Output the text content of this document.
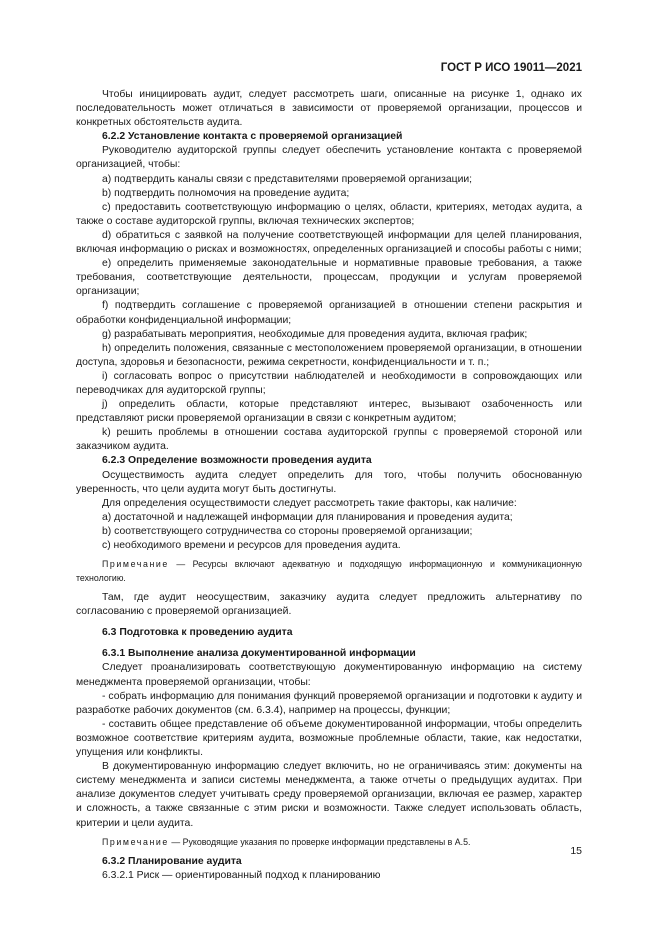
ГОСТ Р ИСО 19011—2021

Чтобы инициировать аудит, следует рассмотреть шаги, описанные на рисунке 1, однако их последовательность может отличаться в зависимости от проверяемой организации, процессов и конкретных обстоятельств аудита.

6.2.2 Установление контакта с проверяемой организацией

Руководителю аудиторской группы следует обеспечить установление контакта с проверяемой организацией, чтобы:

a) подтвердить каналы связи с представителями проверяемой организации;

b) подтвердить полномочия на проведение аудита;

c) предоставить соответствующую информацию о целях, области, критериях, методах аудита, а также о составе аудиторской группы, включая технических экспертов;

d) обратиться с заявкой на получение соответствующей информации для целей планирования, включая информацию о рисках и возможностях, определенных организацией и способы работы с ними;

e) определить применяемые законодательные и нормативные правовые требования, а также требования, соответствующие деятельности, процессам, продукции и услугам проверяемой организации;

f) подтвердить соглашение с проверяемой организацией в отношении степени раскрытия и обработки конфиденциальной информации;

g) разрабатывать мероприятия, необходимые для проведения аудита, включая график;

h) определить положения, связанные с местоположением проверяемой организации, в отношении доступа, здоровья и безопасности, режима секретности, конфиденциальности и т. п.;

i) согласовать вопрос о присутствии наблюдателей и необходимости в сопровождающих или переводчиках для аудиторской группы;

j) определить области, которые представляют интерес, вызывают озабоченность или представляют риски проверяемой организации в связи с конкретным аудитом;

k) решить проблемы в отношении состава аудиторской группы с проверяемой стороной или заказчиком аудита.

6.2.3 Определение возможности проведения аудита

Осуществимость аудита следует определить для того, чтобы получить обоснованную уверенность, что цели аудита могут быть достигнуты.

Для определения осуществимости следует рассмотреть такие факторы, как наличие:

a) достаточной и надлежащей информации для планирования и проведения аудита;

b) соответствующего сотрудничества со стороны проверяемой организации;

c) необходимого времени и ресурсов для проведения аудита.

Примечание — Ресурсы включают адекватную и подходящую информационную и коммуникационную технологию.

Там, где аудит неосуществим, заказчику аудита следует предложить альтернативу по согласованию с проверяемой организацией.

6.3 Подготовка к проведению аудита

6.3.1 Выполнение анализа документированной информации

Следует проанализировать соответствующую документированную информацию на систему менеджмента проверяемой организации, чтобы:

- собрать информацию для понимания функций проверяемой организации и подготовки к аудиту и разработке рабочих документов (см. 6.3.4), например на процессы, функции;

- составить общее представление об объеме документированной информации, чтобы определить возможное соответствие критериям аудита, возможные проблемные области, такие, как недостатки, упущения или конфликты.

В документированную информацию следует включить, но не ограничиваясь этим: документы на систему менеджмента и записи системы менеджмента, а также отчеты о предыдущих аудитах. При анализе документов следует учитывать среду проверяемой организации, включая ее размер, характер и сложность, а также связанные с этим риски и возможности. Также следует использовать область, критерии и цели аудита.

Примечание — Руководящие указания по проверке информации представлены в А.5.

6.3.2 Планирование аудита

6.3.2.1 Риск — ориентированный подход к планированию

15
